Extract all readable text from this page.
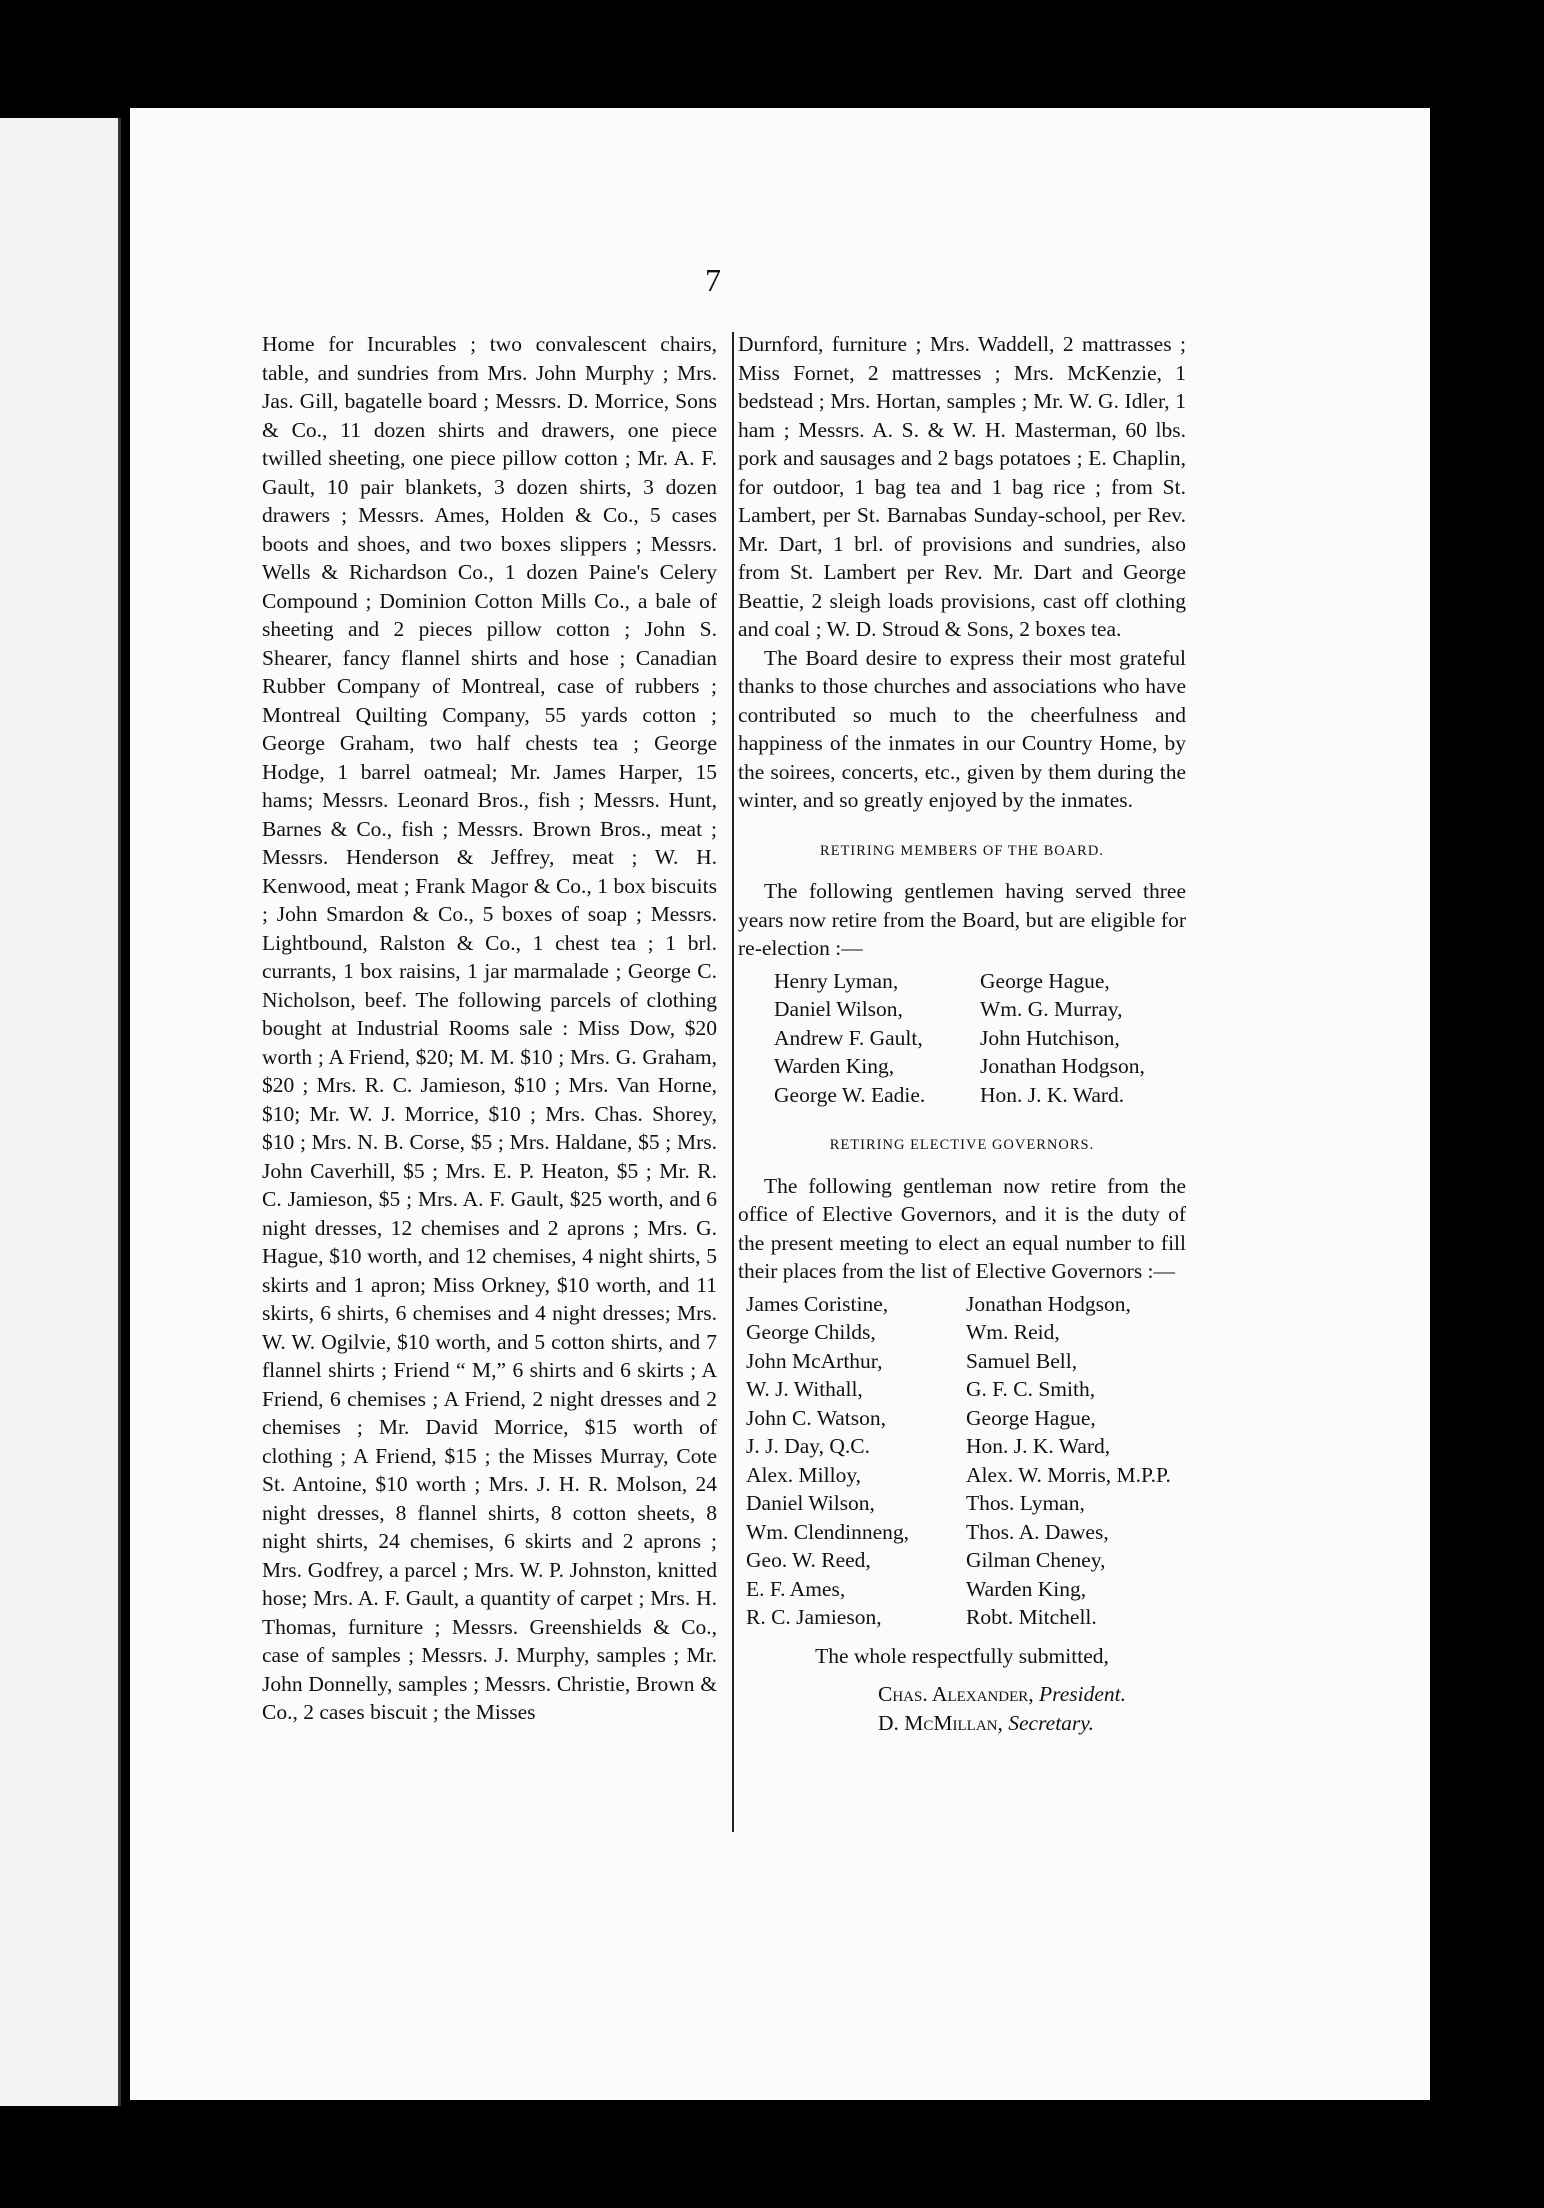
7

Home for Incurables ; two convalescent chairs, table, and sundries from Mrs. John Murphy ; Mrs. Jas. Gill, bagatelle board ; Messrs. D. Morrice, Sons & Co., 11 dozen shirts and drawers, one piece twilled sheeting, one piece pillow cotton ; Mr. A. F. Gault, 10 pair blankets, 3 dozen shirts, 3 dozen drawers ; Messrs. Ames, Holden & Co., 5 cases boots and shoes, and two boxes slippers ; Messrs. Wells & Richardson Co., 1 dozen Paine's Celery Compound ; Dominion Cotton Mills Co., a bale of sheeting and 2 pieces pillow cotton ; John S. Shearer, fancy flannel shirts and hose ; Canadian Rubber Company of Montreal, case of rubbers ; Montreal Quilting Company, 55 yards cotton ; George Graham, two half chests tea ; George Hodge, 1 barrel oatmeal; Mr. James Harper, 15 hams; Messrs. Leonard Bros., fish ; Messrs. Hunt, Barnes & Co., fish ; Messrs. Brown Bros., meat ; Messrs. Henderson & Jeffrey, meat ; W. H. Kenwood, meat ; Frank Magor & Co., 1 box biscuits ; John Smardon & Co., 5 boxes of soap ; Messrs. Lightbound, Ralston & Co., 1 chest tea ; 1 brl. currants, 1 box raisins, 1 jar marmalade ; George C. Nicholson, beef. The following parcels of clothing bought at Industrial Rooms sale : Miss Dow, $20 worth ; A Friend, $20; M. M. $10 ; Mrs. G. Graham, $20 ; Mrs. R. C. Jamieson, $10 ; Mrs. Van Horne, $10; Mr. W. J. Morrice, $10 ; Mrs. Chas. Shorey, $10 ; Mrs. N. B. Corse, $5 ; Mrs. Haldane, $5 ; Mrs. John Caverhill, $5 ; Mrs. E. P. Heaton, $5 ; Mr. R. C. Jamieson, $5 ; Mrs. A. F. Gault, $25 worth, and 6 night dresses, 12 chemises and 2 aprons ; Mrs. G. Hague, $10 worth, and 12 chemises, 4 night shirts, 5 skirts and 1 apron; Miss Orkney, $10 worth, and 11 skirts, 6 shirts, 6 chemises and 4 night dresses; Mrs. W. W. Ogilvie, $10 worth, and 5 cotton shirts, and 7 flannel shirts ; Friend “ M,” 6 shirts and 6 skirts ; A Friend, 6 chemises ; A Friend, 2 night dresses and 2 chemises ; Mr. David Morrice, $15 worth of clothing ; A Friend, $15 ; the Misses Murray, Cote St. Antoine, $10 worth ; Mrs. J. H. R. Molson, 24 night dresses, 8 flannel shirts, 8 cotton sheets, 8 night shirts, 24 chemises, 6 skirts and 2 aprons ; Mrs. Godfrey, a parcel ; Mrs. W. P. Johnston, knitted hose; Mrs. A. F. Gault, a quantity of carpet ; Mrs. H. Thomas, furniture ; Messrs. Greenshields & Co., case of samples ; Messrs. J. Murphy, samples ; Mr. John Donnelly, samples ; Messrs. Christie, Brown & Co., 2 cases biscuit ; the Misses

Durnford, furniture ; Mrs. Waddell, 2 mattrasses ; Miss Fornet, 2 mattresses ; Mrs. McKenzie, 1 bedstead ; Mrs. Hortan, samples ; Mr. W. G. Idler, 1 ham ; Messrs. A. S. & W. H. Masterman, 60 lbs. pork and sausages and 2 bags potatoes ; E. Chaplin, for outdoor, 1 bag tea and 1 bag rice ; from St. Lambert, per St. Barnabas Sunday-school, per Rev. Mr. Dart, 1 brl. of provisions and sundries, also from St. Lambert per Rev. Mr. Dart and George Beattie, 2 sleigh loads provisions, cast off clothing and coal ; W. D. Stroud & Sons, 2 boxes tea.

The Board desire to express their most grateful thanks to those churches and associations who have contributed so much to the cheerfulness and happiness of the inmates in our Country Home, by the soirees, concerts, etc., given by them during the winter, and so greatly enjoyed by the inmates.

RETIRING MEMBERS OF THE BOARD.

The following gentlemen having served three years now retire from the Board, but are eligible for re-election :—

Henry Lyman,	George Hague,
Daniel Wilson,	Wm. G. Murray,
Andrew F. Gault,	John Hutchison,
Warden King,	Jonathan Hodgson,
George W. Eadie.	Hon. J. K. Ward.
RETIRING ELECTIVE GOVERNORS.

The following gentleman now retire from the office of Elective Governors, and it is the duty of the present meeting to elect an equal number to fill their places from the list of Elective Governors :—

James Coristine,	Jonathan Hodgson,
George Childs,	Wm. Reid,
John McArthur,	Samuel Bell,
W. J. Withall,	G. F. C. Smith,
John C. Watson,	George Hague,
J. J. Day, Q.C.	Hon. J. K. Ward,
Alex. Milloy,	Alex. W. Morris, M.P.P.
Daniel Wilson,	Thos. Lyman,
Wm. Clendinneng,	Thos. A. Dawes,
Geo. W. Reed,	Gilman Cheney,
E. F. Ames,	Warden King,
R. C. Jamieson,	Robt. Mitchell.

The whole respectfully submitted,

Chas. Alexander, President.
D. McMillan, Secretary.
